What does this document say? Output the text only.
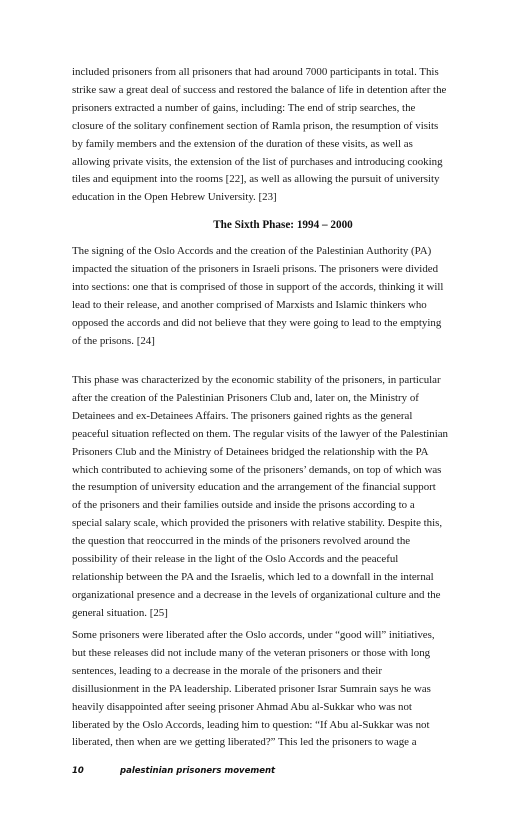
included prisoners from all prisoners that had around 7000 participants in total. This
strike saw a great deal of success and restored the balance of life in detention after the
prisoners extracted a number of gains, including: The end of strip searches, the
closure of the solitary confinement section of Ramla prison, the resumption of visits
by family members and the extension of the duration of these visits, as well as
allowing private visits, the extension of the list of purchases and introducing cooking
tiles and equipment into the rooms [22], as well as allowing the pursuit of university
education in the Open Hebrew University. [23]
The Sixth Phase: 1994 – 2000
The signing of the Oslo Accords and the creation of the Palestinian Authority (PA)
impacted the situation of the prisoners in Israeli prisons. The prisoners were divided
into sections: one that is comprised of those in support of the accords, thinking it will
lead to their release, and another comprised of Marxists and Islamic thinkers who
opposed the accords and did not believe that they were going to lead to the emptying
of the prisons. [24]
This phase was characterized by the economic stability of the prisoners, in particular
after the creation of the Palestinian Prisoners Club and, later on, the Ministry of
Detainees and ex-Detainees Affairs. The prisoners gained rights as the general
peaceful situation reflected on them. The regular visits of the lawyer of the Palestinian
Prisoners Club and the Ministry of Detainees bridged the relationship with the PA
which contributed to achieving some of the prisoners’ demands, on top of which was
the resumption of university education and the arrangement of the financial support
of the prisoners and their families outside and inside the prisons according to a
special salary scale, which provided the prisoners with relative stability. Despite this,
the question that reoccurred in the minds of the prisoners revolved around the
possibility of their release in the light of the Oslo Accords and the peaceful
relationship between the PA and the Israelis, which led to a downfall in the internal
organizational presence and a decrease in the levels of organizational culture and the
general situation. [25]
Some prisoners were liberated after the Oslo accords, under “good will” initiatives,
but these releases did not include many of the veteran prisoners or those with long
sentences, leading to a decrease in the morale of the prisoners and their
disillusionment in the PA leadership. Liberated prisoner Israr Sumrain says he was
heavily disappointed after seeing prisoner Ahmad Abu al-Sukkar who was not
liberated by the Oslo Accords, leading him to question: “If Abu al-Sukkar was not
liberated, then when are we getting liberated?” This led the prisoners to wage a
10	palestinian prisoners movement
